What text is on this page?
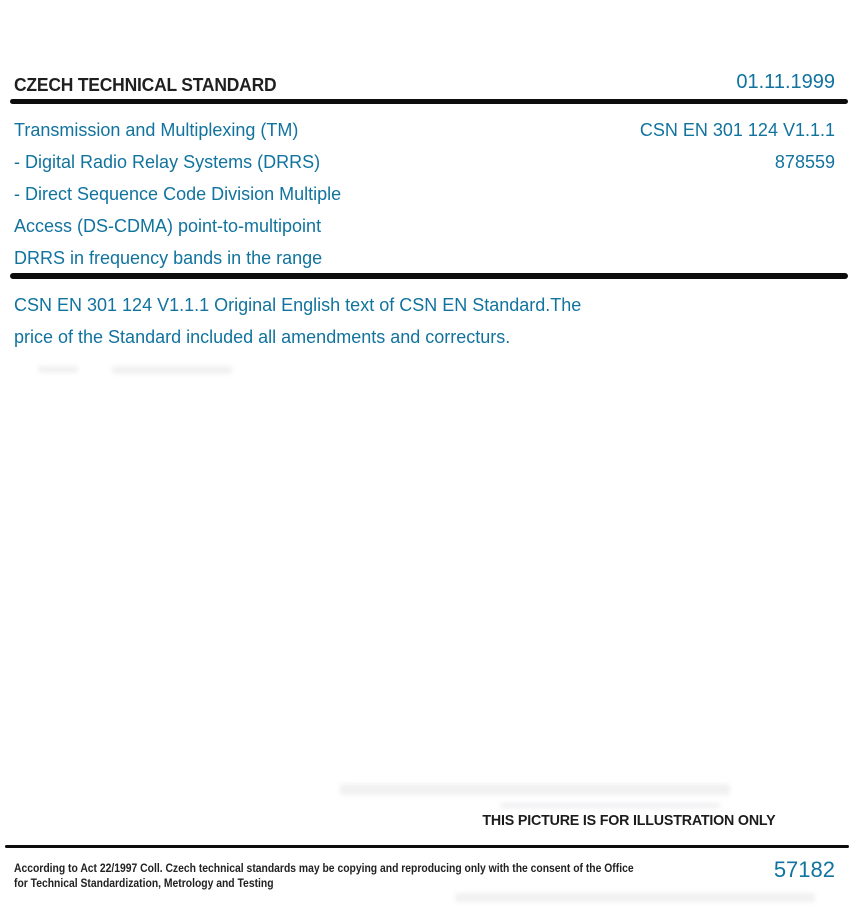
CZECH TECHNICAL STANDARD	01.11.1999
Transmission and Multiplexing (TM)
- Digital Radio Relay Systems (DRRS)
- Direct Sequence Code Division Multiple
Access (DS-CDMA) point-to-multipoint
DRRS in frequency bands in the range
CSN EN 301 124 V1.1.1
878559
CSN EN 301 124 V1.1.1 Original English text of CSN EN Standard.The
price of the Standard included all amendments and correcturs.
THIS PICTURE IS FOR ILLUSTRATION ONLY
According to Act 22/1997 Coll. Czech technical standards may be copying and reproducing only with the consent of the Office
for Technical Standardization, Metrology and Testing
57182
